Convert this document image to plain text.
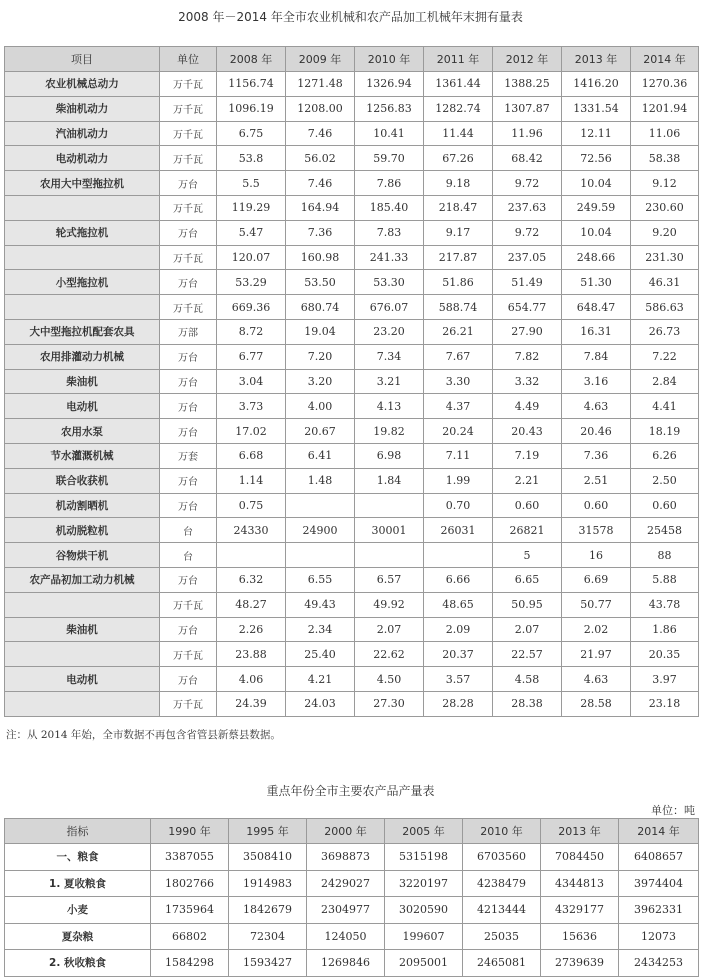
2008 年－2014 年全市农业机械和农产品加工机械年末拥有量表
项目	单位	2008 年	2009 年	2010 年	2011 年	2012 年	2013 年	2014 年
农业机械总动力	万千瓦	1156.74	1271.48	1326.94	1361.44	1388.25	1416.20	1270.36
柴油机动力	万千瓦	1096.19	1208.00	1256.83	1282.74	1307.87	1331.54	1201.94
汽油机动力	万千瓦	6.75	7.46	10.41	11.44	11.96	12.11	11.06
电动机动力	万千瓦	53.8	56.02	59.70	67.26	68.42	72.56	58.38
农用大中型拖拉机	万台	5.5	7.46	7.86	9.18	9.72	10.04	9.12
	万千瓦	119.29	164.94	185.40	218.47	237.63	249.59	230.60
轮式拖拉机	万台	5.47	7.36	7.83	9.17	9.72	10.04	9.20
	万千瓦	120.07	160.98	241.33	217.87	237.05	248.66	231.30
小型拖拉机	万台	53.29	53.50	53.30	51.86	51.49	51.30	46.31
	万千瓦	669.36	680.74	676.07	588.74	654.77	648.47	586.63
大中型拖拉机配套农具	万部	8.72	19.04	23.20	26.21	27.90	16.31	26.73
农用排灌动力机械	万台	6.77	7.20	7.34	7.67	7.82	7.84	7.22
柴油机	万台	3.04	3.20	3.21	3.30	3.32	3.16	2.84
电动机	万台	3.73	4.00	4.13	4.37	4.49	4.63	4.41
农用水泵	万台	17.02	20.67	19.82	20.24	20.43	20.46	18.19
节水灌溉机械	万套	6.68	6.41	6.98	7.11	7.19	7.36	6.26
联合收获机	万台	1.14	1.48	1.84	1.99	2.21	2.51	2.50
机动割晒机	万台	0.75			0.70	0.60	0.60	0.60
机动脱粒机	台	24330	24900	30001	26031	26821	31578	25458
谷物烘干机	台					5	16	88
农产品初加工动力机械	万台	6.32	6.55	6.57	6.66	6.65	6.69	5.88
	万千瓦	48.27	49.43	49.92	48.65	50.95	50.77	43.78
柴油机	万台	2.26	2.34	2.07	2.09	2.07	2.02	1.86
	万千瓦	23.88	25.40	22.62	20.37	22.57	21.97	20.35
电动机	万台	4.06	4.21	4.50	3.57	4.58	4.63	3.97
	万千瓦	24.39	24.03	27.30	28.28	28.38	28.58	23.18
注：从 2014 年始，全市数据不再包含省管县新蔡县数据。
重点年份全市主要农产品产量表
单位：吨
指标	1990 年	1995 年	2000 年	2005 年	2010 年	2013 年	2014 年
一、粮食	3387055	3508410	3698873	5315198	6703560	7084450	6408657
1. 夏收粮食	1802766	1914983	2429027	3220197	4238479	4344813	3974404
小麦	1735964	1842679	2304977	3020590	4213444	4329177	3962331
夏杂粮	66802	72304	124050	199607	25035	15636	12073
2. 秋收粮食	1584298	1593427	1269846	2095001	2465081	2739639	2434253
